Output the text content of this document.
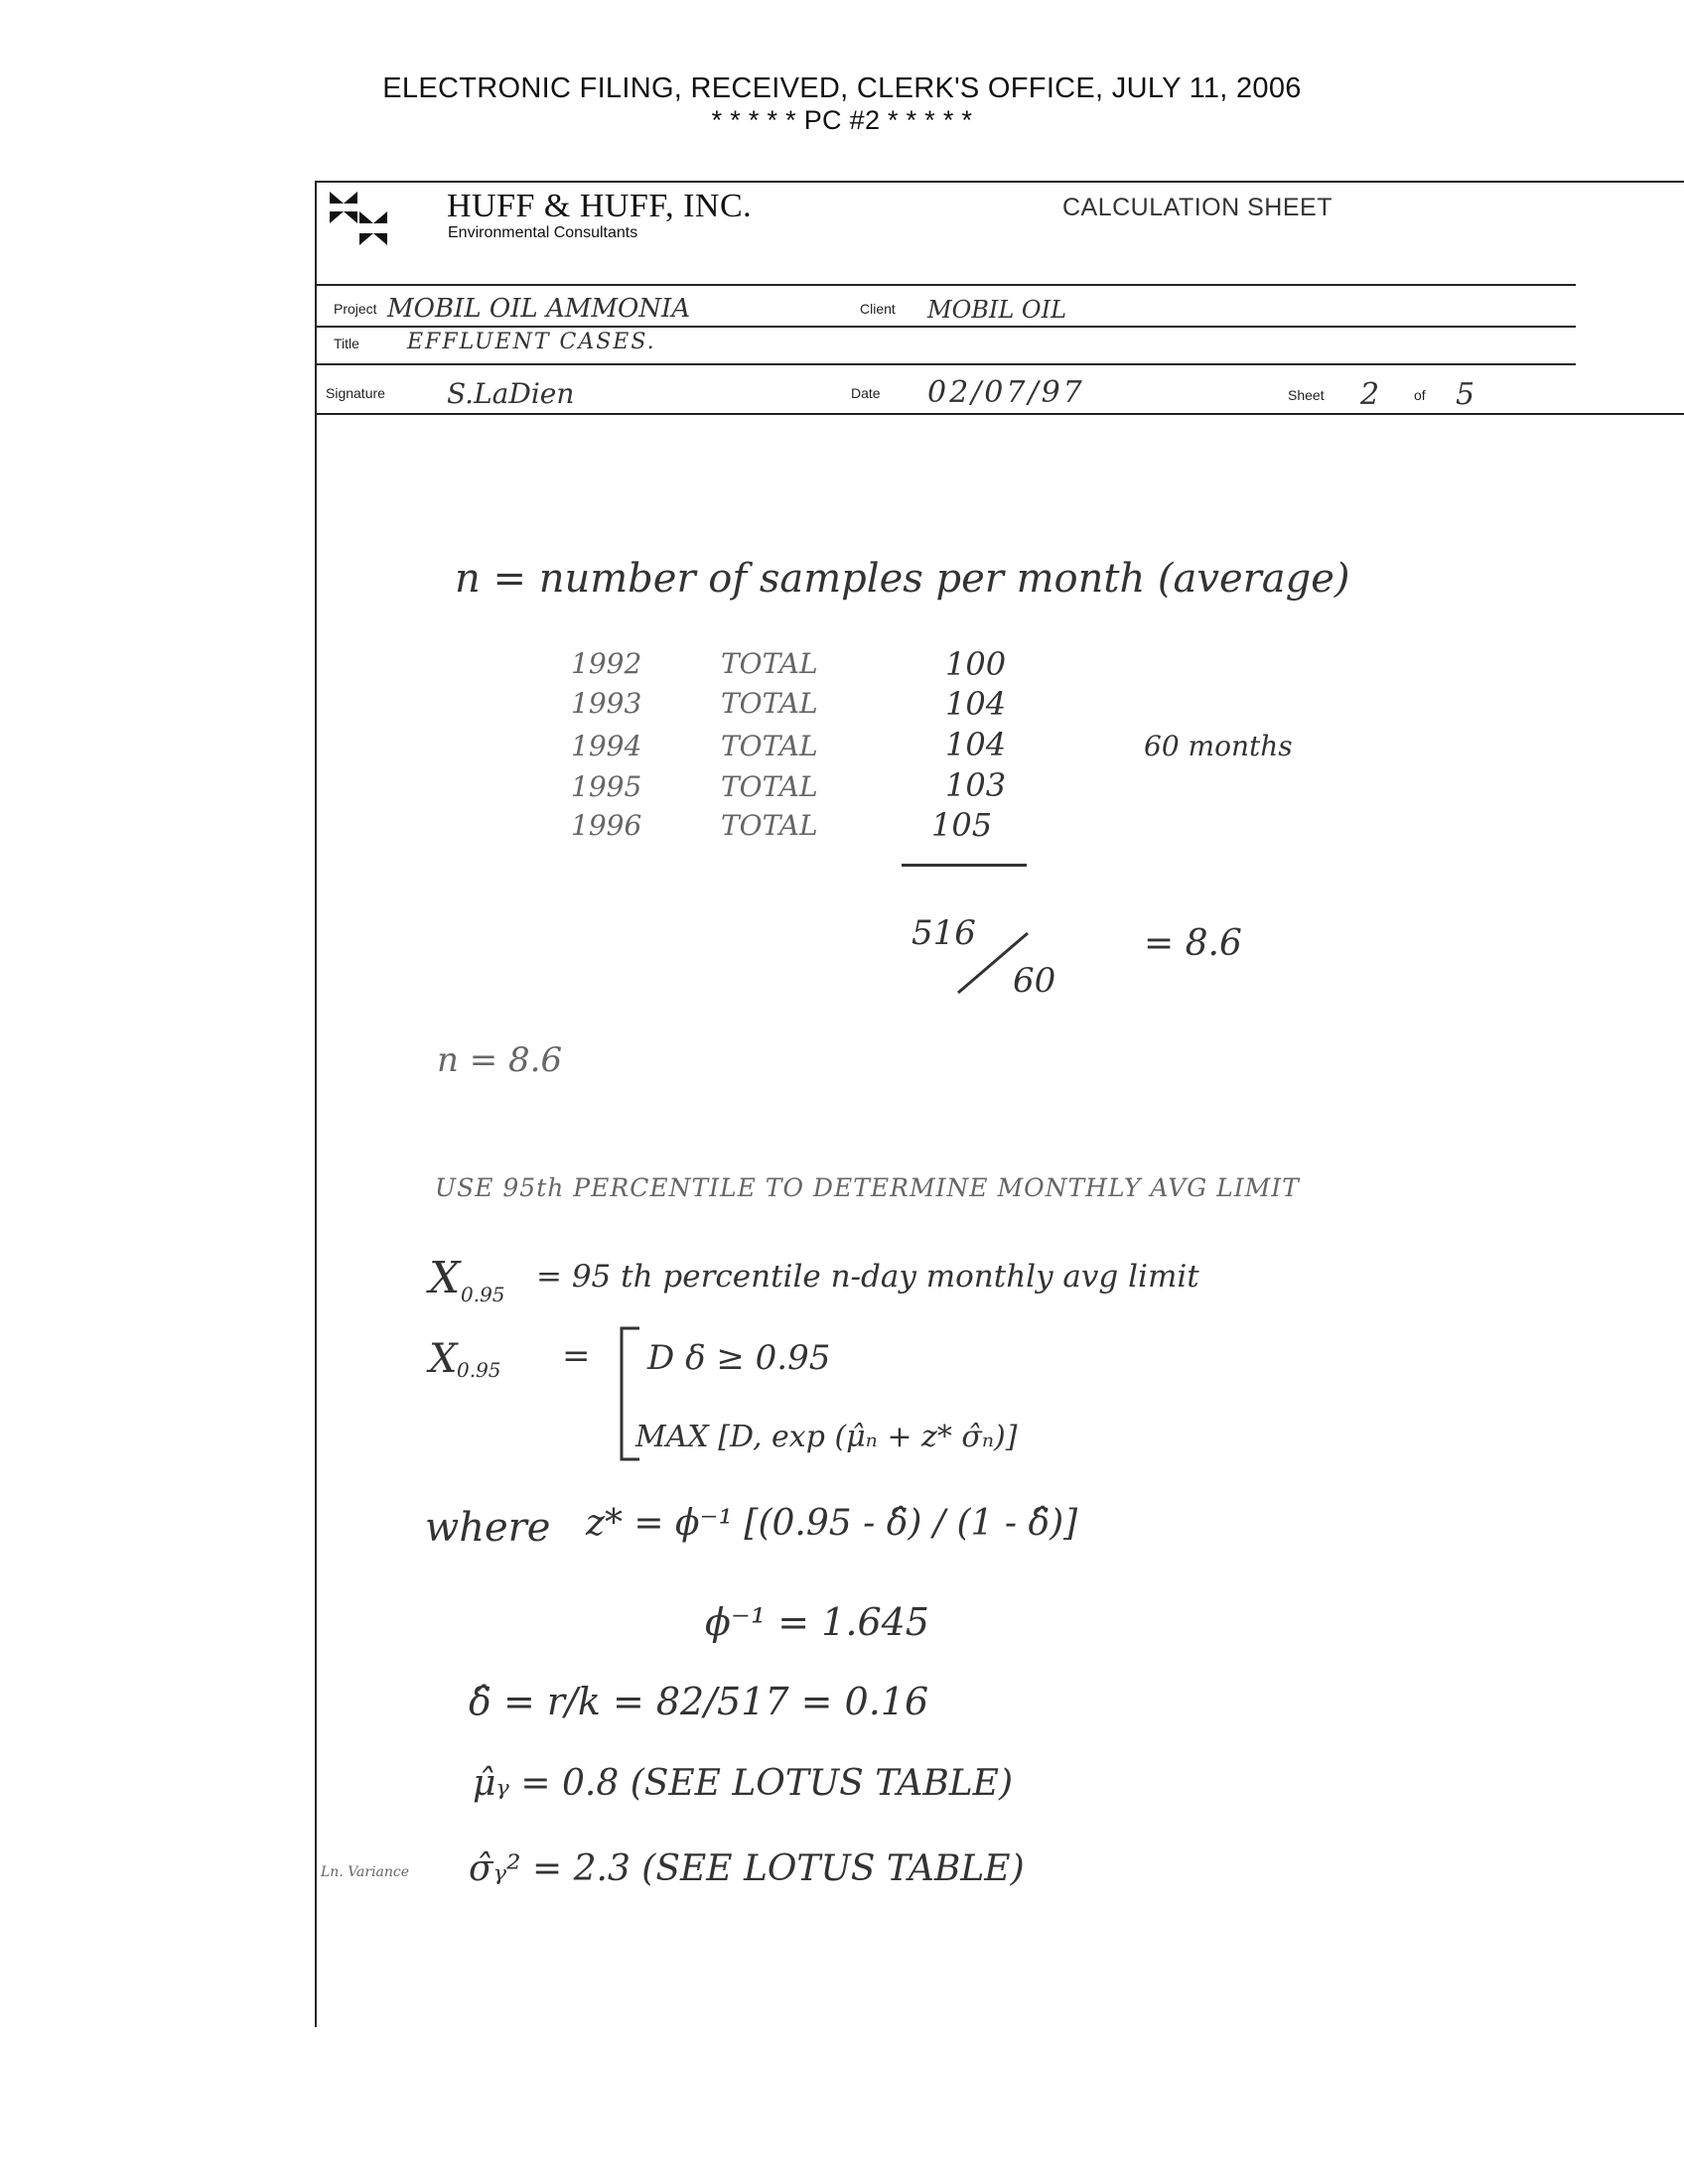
ELECTRONIC FILING, RECEIVED, CLERK'S OFFICE, JULY 11, 2006
* * * * * PC #2 * * * * *
HUFF & HUFF, INC.
Environmental Consultants
CALCULATION SHEET
Project MOBIL OIL AMMONIA	Client MOBIL OIL
Title EFFLUENT CASES.
Signature S.LaDien	Date 02/07/97	Sheet 2 of 5
n = number of samples per month (average)
1992	TOTAL	100
1993	TOTAL	104
1994	TOTAL	104	60 months
1995	TOTAL	103
1996	TOTAL	105
516
60
= 8.6
n = 8.6
USE 95th PERCENTILE TO DETERMINE MONTHLY AVG LIMIT
X 0.95 = 95 th percentile n-day monthly avg limit
X 0.95 = D δ ≥ 0.95
MAX [D, exp (μ̂ₙ + z* σ̂ₙ)]
where z* = ϕ⁻¹ [(0.95 - δ̂) / (1 - δ̂)]
ϕ⁻¹ = 1.645
δ̂ = r/k = 82/517 = 0.16
μ̂ᵧ = 0.8 (SEE LOTUS TABLE)
Ln. Variance σ̂ᵧ² = 2.3 (SEE LOTUS TABLE)
